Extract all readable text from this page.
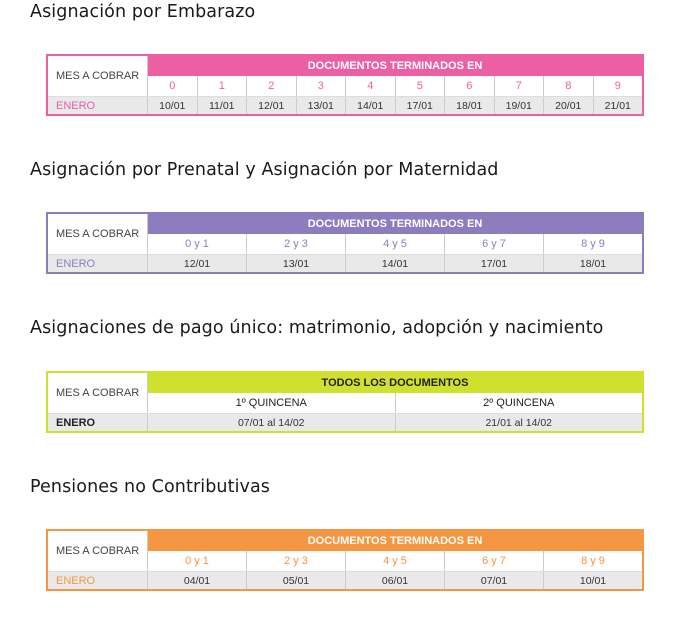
Asignación por Embarazo
MES A COBRAR
DOCUMENTOS TERMINADOS EN
0	1	2	3	4	5	6	7	8	9
ENERO	10/01	11/01	12/01	13/01	14/01	17/01	18/01	19/01	20/01	21/01
Asignación por Prenatal y Asignación por Maternidad
MES A COBRAR
DOCUMENTOS TERMINADOS EN
0 y 1	2 y 3	4 y 5	6 y 7	8 y 9
ENERO	12/01	13/01	14/01	17/01	18/01
Asignaciones de pago único: matrimonio, adopción y nacimiento
MES A COBRAR
TODOS LOS DOCUMENTOS
1º QUINCENA	2º QUINCENA
ENERO	07/01 al 14/02	21/01 al 14/02
Pensiones no Contributivas
MES A COBRAR
DOCUMENTOS TERMINADOS EN
0 y 1	2 y 3	4 y 5	6 y 7	8 y 9
ENERO	04/01	05/01	06/01	07/01	10/01
